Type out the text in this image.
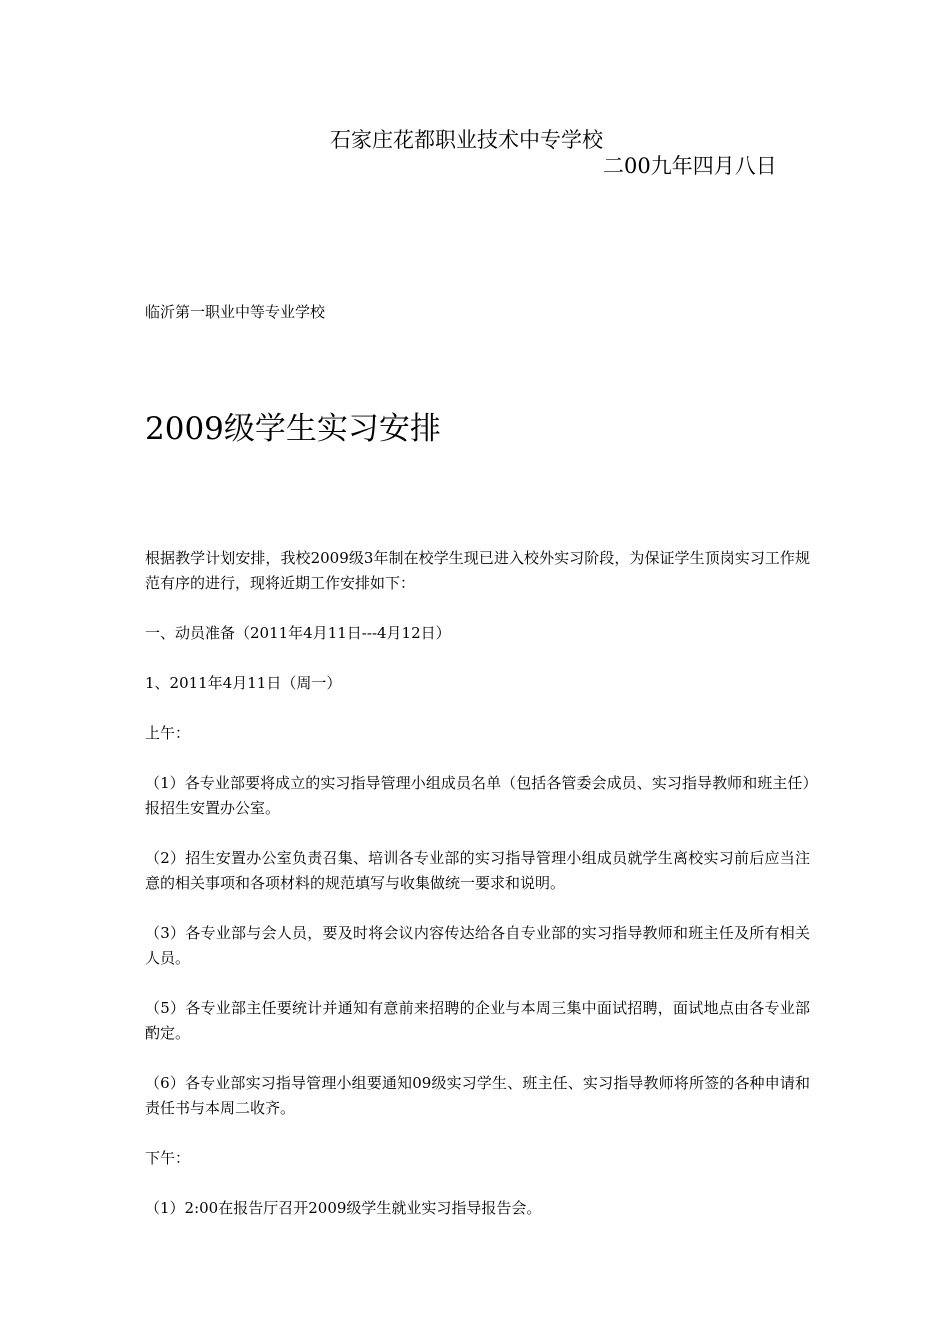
石家庄花都职业技术中专学校
二00九年四月八日
临沂第一职业中等专业学校
2009级学生实习安排

根据教学计划安排，我校2009级3年制在校学生现已进入校外实习阶段，为保证学生顶岗实习工作规范有序的进行，现将近期工作安排如下：

一、动员准备（2011年4月11日---4月12日）

1、2011年4月11日（周一）

上午：

（1）各专业部要将成立的实习指导管理小组成员名单（包括各管委会成员、实习指导教师和班主任）报招生安置办公室。

（2）招生安置办公室负责召集、培训各专业部的实习指导管理小组成员就学生离校实习前后应当注意的相关事项和各项材料的规范填写与收集做统一要求和说明。

（3）各专业部与会人员，要及时将会议内容传达给各自专业部的实习指导教师和班主任及所有相关人员。

（5）各专业部主任要统计并通知有意前来招聘的企业与本周三集中面试招聘，面试地点由各专业部酌定。

（6）各专业部实习指导管理小组要通知09级实习学生、班主任、实习指导教师将所签的各种申请和责任书与本周二收齐。

下午：

（1）2:00在报告厅召开2009级学生就业实习指导报告会。
